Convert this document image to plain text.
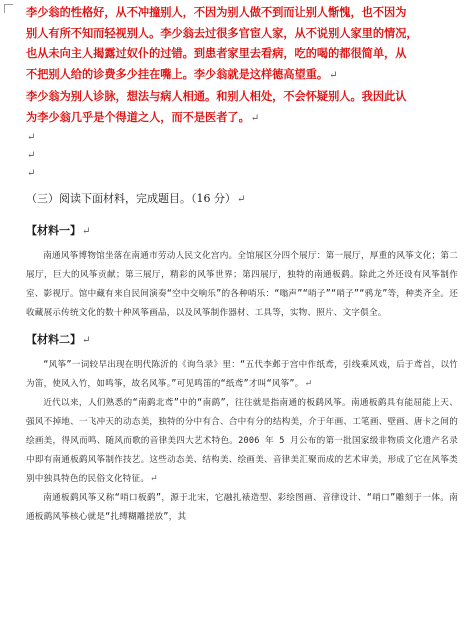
李少翁的性格好，从不冲撞别人，不因为别人做不到而让别人惭愧，也不因为

别人有所不知而轻视别人。李少翁去过很多官宦人家，从不说别人家里的情况，

也从未向主人揭露过奴仆的过错。到患者家里去看病，吃的喝的都很简单，从

不把别人给的诊费多少挂在嘴上。李少翁就是这样德高望重。↵

李少翁为别人诊脉，想法与病人相通。和别人相处，不会怀疑别人。我因此认

为李少翁几乎是个得道之人，而不是医者了。↵

↵
↵
↵
（三）阅读下面材料，完成题目。（16 分）↵
【材料一】↵

南通风筝博物馆坐落在南通市劳动人民文化宫内。全馆展区分四个展厅：第一展厅，厚重的风筝文化；第二展厅，巨大的风筝贡献；第三展厅，精彩的风筝世界；第四展厅，独特的南通板鹞。除此之外还设有风筝制作室、影视厅。馆中藏有来自民间演奏“空中交响乐”的各种哨乐：“嗡声”“哨子”“哨子”“鸦龙”等，种类齐全。还收藏展示传统文化的数十种风筝画品，以及风筝制作器材、工具等，实物、照片、文字俱全。

【材料二】↵

“风筝”一词较早出现在明代陈沂的《询刍录》里：“五代李邺于宫中作纸鸢，引线乘风戏，后于鸢首，以竹为笛，使风入竹，如鸣筝，故名风筝。”可见鸣笛的“纸鸢”才叫“风筝”。↵

近代以来，人们熟悉的“南鹞北鸢”中的“南鹞”，往往就是指南通的板鹞风筝。南通板鹞具有能屈能上天、强风不掉地、一飞冲天的动态美，独特的分中有合、合中有分的结构美，介于年画、工笔画、壁画、唐卡之间的绘画美，得风而鸣、随风而歌的音律美四大艺术特色。2006 年 5 月公布的第一批国家级非物质文化遗产名录中即有南通板鹞风筝制作技艺。这些动态美、结构美、绘画美、音律美汇聚而成的艺术审美，形成了它在风筝类别中独具特色的民俗文化特征。↵

南通板鹞风筝又称“哨口板鹞”，源于北宋，它融扎裱造型、彩绘图画、音律设计、“哨口”雕刻于一体。南通板鹞风筝核心就是“扎缚糊雕搓放”，其
